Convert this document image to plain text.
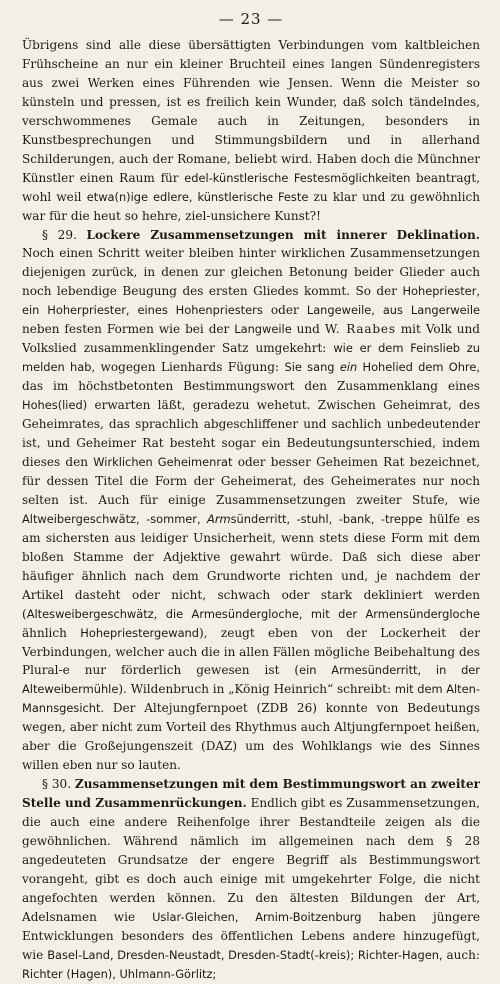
— 23 —

Übrigens sind alle diese übersättigten Verbindungen vom kaltbleichen Frühscheine an nur ein kleiner Bruchteil eines langen Sündenregisters aus zwei Werken eines Führenden wie Jensen. Wenn die Meister so künsteln und pressen, ist es freilich kein Wunder, daß solch tändelndes, verschwommenes Gemale auch in Zeitungen, besonders in Kunstbesprechungen und Stimmungsbildern und in allerhand Schilderungen, auch der Romane, beliebt wird. Haben doch die Münchner Künstler einen Raum für edel-künstlerische Festesmöglichkeiten beantragt, wohl weil etwa(n)ige edlere, künstlerische Feste zu klar und zu gewöhnlich war für die heut so hehre, ziel-unsichere Kunst?!

§ 29. Lockere Zusammensetzungen mit innerer Deklination. Noch einen Schritt weiter bleiben hinter wirklichen Zusammensetzungen diejenigen zurück, in denen zur gleichen Betonung beider Glieder auch noch lebendige Beugung des ersten Gliedes kommt. So der Hohepriester, ein Hoherpriester, eines Hohenpriesters oder Langeweile, aus Langerweile neben festen Formen wie bei der Langweile und W. Raabes mit Volk und Volkslied zusammenklingender Satz umgekehrt: wie er dem Feinslieb zu melden hab, wogegen Lienhards Fügung: Sie sang ein Hohelied dem Ohre, das im höchstbetonten Bestimmungswort den Zusammenklang eines Hohes(lied) erwarten läßt, geradezu wehetut. Zwischen Geheimrat, des Geheimrates, das sprachlich abgeschliffener und sachlich unbedeutender ist, und Geheimer Rat besteht sogar ein Bedeutungsunterschied, indem dieses den Wirklichen Geheimenrat oder besser Geheimen Rat bezeichnet, für dessen Titel die Form der Geheimerat, des Geheimerates nur noch selten ist. Auch für einige Zusammensetzungen zweiter Stufe, wie Altweibergeschwätz, -sommer, Armsünderritt, -stuhl, -bank, -treppe hülfe es am sichersten aus leidiger Unsicherheit, wenn stets diese Form mit dem bloßen Stamme der Adjektive gewahrt würde. Daß sich diese aber häufiger ähnlich nach dem Grundworte richten und, je nachdem der Artikel dasteht oder nicht, schwach oder stark dekliniert werden (Altesweibergeschwätz, die Armesündergloche, mit der Armensündergloche ähnlich Hohepriestergewand), zeugt eben von der Lockerheit der Verbindungen, welcher auch die in allen Fällen mögliche Beibehaltung des Plural-e nur förderlich gewesen ist (ein Armesünderritt, in der Alteweibermühle). Wildenbruch in „König Heinrich“ schreibt: mit dem Alten-Mannsgesicht. Der Altejungfernpoet (ZDB 26) konnte von Bedeutungs wegen, aber nicht zum Vorteil des Rhythmus auch Altjungfernpoet heißen, aber die Großejungenszeit (DAZ) um des Wohlklangs wie des Sinnes willen eben nur so lauten.

§ 30. Zusammensetzungen mit dem Bestimmungswort an zweiter Stelle und Zusammenrückungen. Endlich gibt es Zusammensetzungen, die auch eine andere Reihenfolge ihrer Bestandteile zeigen als die gewöhnlichen. Während nämlich im allgemeinen nach dem § 28 angedeuteten Grundsatze der engere Begriff als Bestimmungswort vorangeht, gibt es doch auch einige mit umgekehrter Folge, die nicht angefochten werden können. Zu den ältesten Bildungen der Art, Adelsnamen wie Uslar-Gleichen, Arnim-Boitzenburg haben jüngere Entwicklungen besonders des öffentlichen Lebens andere hinzugefügt, wie Basel-Land, Dresden-Neustadt, Dresden-Stadt(-kreis); Richter-Hagen, auch: Richter (Hagen), Uhlmann-Görlitz;
